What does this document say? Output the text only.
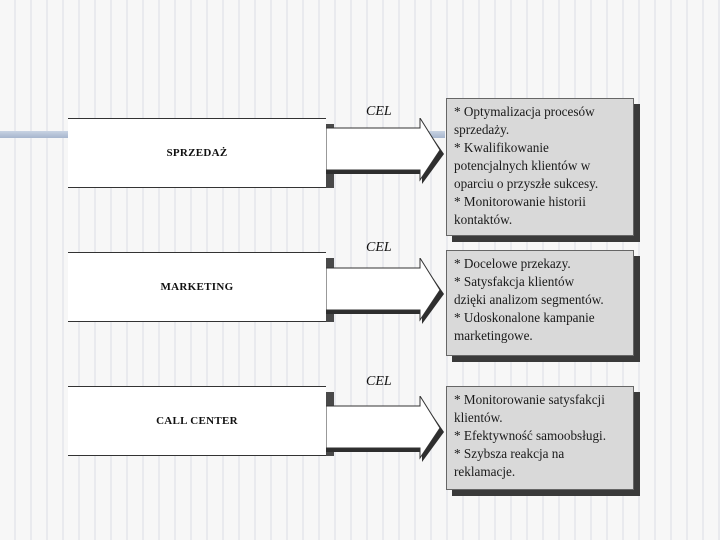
SPRZEDAŻ
CEL	* Optymalizacja procesów
sprzedaży.
* Kwalifikowanie
potencjalnych klientów w
oparciu o przyszłe sukcesy.
* Monitorowanie historii
kontaktów.
MARKETING
CEL
* Docelowe przekazy.
* Satysfakcja klientów
dzięki analizom segmentów.
* Udoskonalone kampanie
marketingowe.
CALL CENTER
CEL
* Monitorowanie satysfakcji
klientów.
* Efektywność samoobsługi.
* Szybsza reakcja na
reklamacje.
